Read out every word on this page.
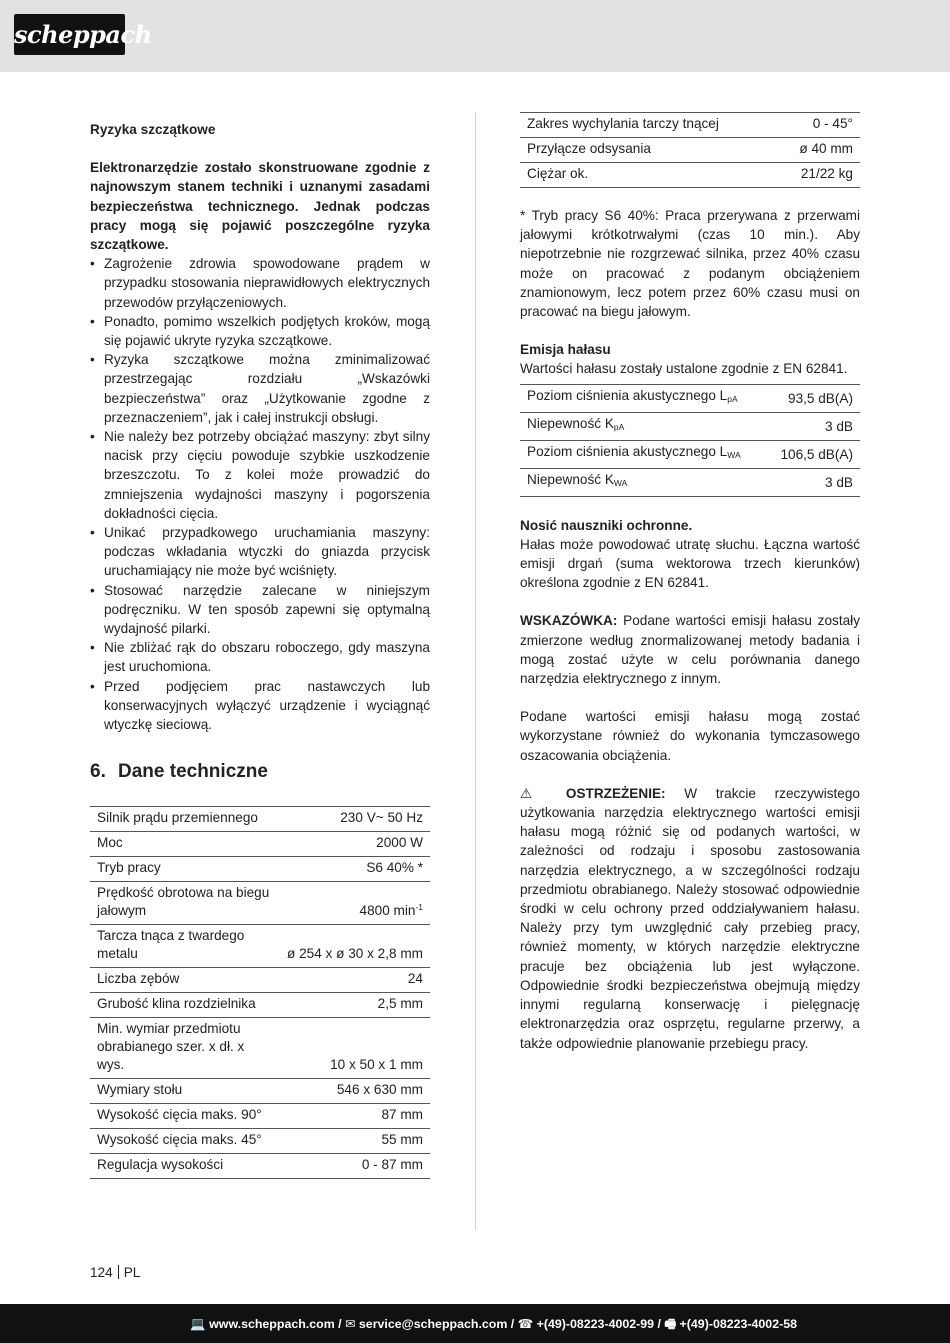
scheppach

Ryzyka szczątkowe

Elektronarzędzie zostało skonstruowane zgodnie z najnowszym stanem techniki i uznanymi zasadami bezpieczeństwa technicznego. Jednak podczas pracy mogą się pojawić poszczególne ryzyka szczątkowe.

• Zagrożenie zdrowia spowodowane prądem w przypadku stosowania nieprawidłowych elektrycznych przewodów przyłączeniowych.
• Ponadto, pomimo wszelkich podjętych kroków, mogą się pojawić ukryte ryzyka szczątkowe.
• Ryzyka szczątkowe można zminimalizować przestrzegając rozdziału „Wskazówki bezpieczeństwa” oraz „Użytkowanie zgodne z przeznaczeniem”, jak i całej instrukcji obsługi.
• Nie należy bez potrzeby obciążać maszyny: zbyt silny nacisk przy cięciu powoduje szybkie uszkodzenie brzeszczotu. To z kolei może prowadzić do zmniejszenia wydajności maszyny i pogorszenia dokładności cięcia.
• Unikać przypadkowego uruchamiania maszyny: podczas wkładania wtyczki do gniazda przycisk uruchamiający nie może być wciśnięty.
• Stosować narzędzie zalecane w niniejszym podręczniku. W ten sposób zapewni się optymalną wydajność pilarki.
• Nie zbliżać rąk do obszaru roboczego, gdy maszyna jest uruchomiona.
• Przed podjęciem prac nastawczych lub konserwacyjnych wyłączyć urządzenie i wyciągnąć wtyczkę sieciową.
6. Dane techniczne
Silnik prądu przemiennego	230 V~ 50 Hz
Moc	2000 W
Tryb pracy	S6 40% *
Prędkość obrotowa na biegu jałowym	4800 $\min^{-1}$
Tarcza tnąca z twardego metalu	ø 254 x ø 30 x 2,8 mm
Liczba zębów	24
Grubość klina rozdzielnika	2,5 mm
Min. wymiar przedmiotu obrabianego szer. x dł. x wys.	10 x 50 x 1 mm
Wymiary stołu	546 x 630 mm
Wysokość cięcia maks. 90°	87 mm
Wysokość cięcia maks. 45°	55 mm
Regulacja wysokości	0 - 87 mm
Zakres wychylania tarczy tnącej	0 - 45°
Przyłącze odsysania	ø 40 mm
Ciężar ok.	21/22 kg

* Tryb pracy S6 40%: Praca przerywana z przerwami jałowymi krótkotrwałymi (czas 10 min.). Aby niepotrzebnie nie rozgrzewać silnika, przez 40% czasu może on pracować z podanym obciążeniem znamionowym, lecz potem przez 60% czasu musi on pracować na biegu jałowym.

Emisja hałasu

Wartości hałasu zostały ustalone zgodnie z EN 62841.

Poziom ciśnienia akustycznego $L_{pA}$	93,5 dB(A)
Niepewność $K_{pA}$	3 dB
Poziom ciśnienia akustycznego $L_{WA}$	106,5 dB(A)
Niepewność $K_{WA}$	3 dB

Nosić nauszniki ochronne.

Hałas może powodować utratę słuchu. Łączna wartość emisji drgań (suma wektorowa trzech kierunków) określona zgodnie z EN 62841.

WSKAZÓWKA: Podane wartości emisji hałasu zostały zmierzone według znormalizowanej metody badania i mogą zostać użyte w celu porównania danego narzędzia elektrycznego z innym.

Podane wartości emisji hałasu mogą zostać wykorzystane również do wykonania tymczasowego oszacowania obciążenia.

⚠ OSTRZEŻENIE: W trakcie rzeczywistego użytkowania narzędzia elektrycznego wartości emisji hałasu mogą różnić się od podanych wartości, w zależności od rodzaju i sposobu zastosowania narzędzia elektrycznego, a w szczególności rodzaju przedmiotu obrabianego. Należy stosować odpowiednie środki w celu ochrony przed oddziaływaniem hałasu. Należy przy tym uwzględnić cały przebieg pracy, również momenty, w których narzędzie elektryczne pracuje bez obciążenia lub jest wyłączone. Odpowiednie środki bezpieczeństwa obejmują między innymi regularną konserwację i pielęgnację elektronarzędzia oraz osprzętu, regularne przerwy, a także odpowiednie planowanie przebiegu pracy.

124 PL
💻 www.scheppach.com / ✉ service@scheppach.com / ☎ +(49)-08223-4002-99 / 🖷 +(49)-08223-4002-58
